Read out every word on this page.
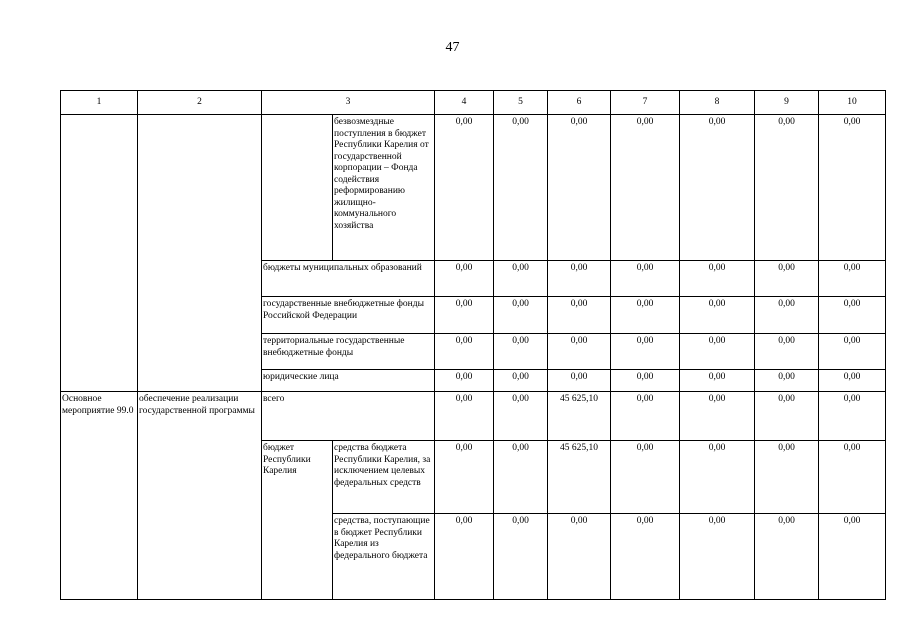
47
1	2	3		4	5	6	7	8	9	10
			безвозмездные поступления в бюджет Республики Карелия от государственной корпорации – Фонда содействия реформированию жилищно-коммунального хозяйства	0,00	0,00	0,00	0,00	0,00	0,00	0,00
		бюджеты муниципальных образований		0,00	0,00	0,00	0,00	0,00	0,00	0,00
		государственные внебюджетные фонды Российской Федерации		0,00	0,00	0,00	0,00	0,00	0,00	0,00
		территориальные государственные внебюджетные фонды		0,00	0,00	0,00	0,00	0,00	0,00	0,00
		юридические лица		0,00	0,00	0,00	0,00	0,00	0,00	0,00
Основное мероприятие 99.0	обеспечение реализации государственной программы	всего		0,00	0,00	45 625,10	0,00	0,00	0,00	0,00
		бюджет Республики Карелия	средства бюджета Республики Карелия, за исключением целевых федеральных средств	0,00	0,00	45 625,10	0,00	0,00	0,00	0,00
			средства, поступающие в бюджет Республики Карелия из федерального бюджета	0,00	0,00	0,00	0,00	0,00	0,00	0,00
